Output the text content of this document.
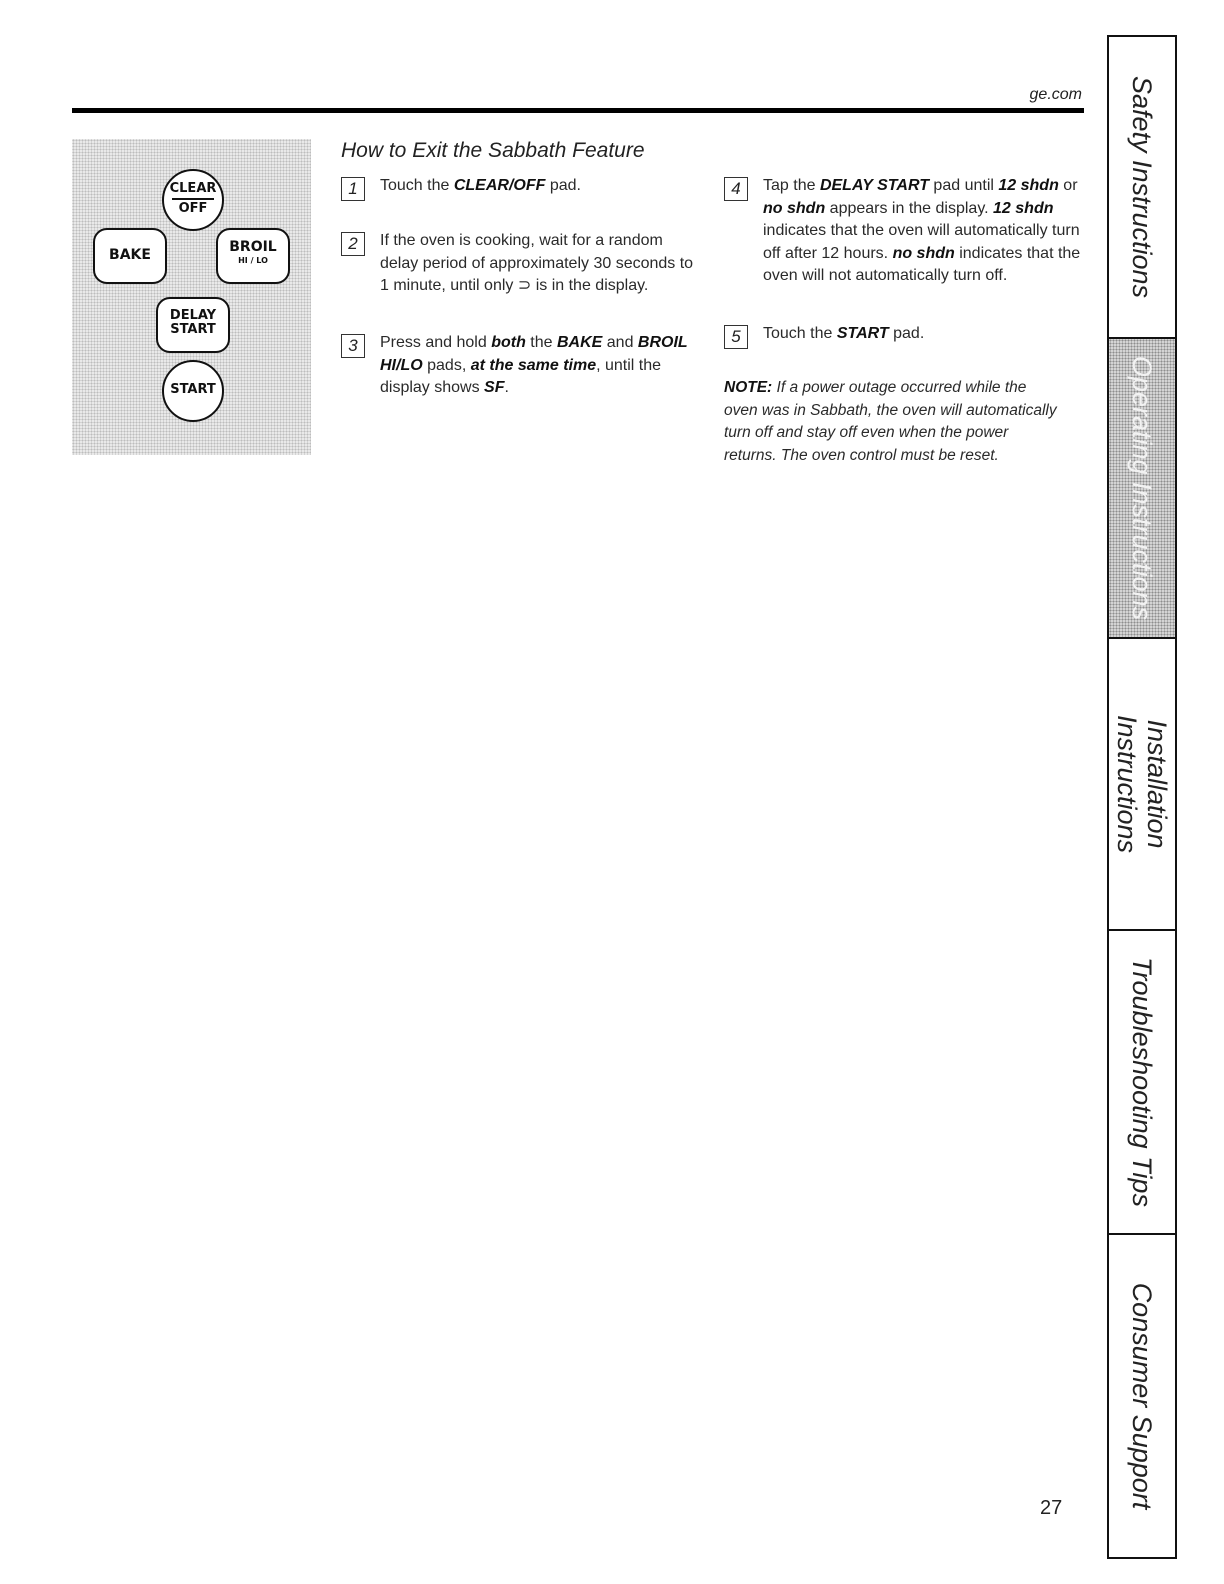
ge.com
CLEAR
OFF
BAKE	BROIL
HI / LO
DELAY
START
START
How to Exit the Sabbath Feature
1	Touch the CLEAR/OFF pad.
2	If the oven is cooking, wait for a random delay period of approximately 30 seconds to 1 minute, until only ⊃ is in the display.
3	Press and hold both the BAKE and BROIL HI/LO pads, at the same time, until the display shows SF.
4	Tap the DELAY START pad until 12 shdn or no shdn appears in the display. 12 shdn indicates that the oven will automatically turn off after 12 hours. no shdn indicates that the oven will not automatically turn off.
5	Touch the START pad.
NOTE: If a power outage occurred while the oven was in Sabbath, the oven will automatically turn off and stay off even when the power returns. The oven control must be reset.
27
Safety Instructions
Operating Instructions
Installation Instructions
Troubleshooting Tips
Consumer Support
